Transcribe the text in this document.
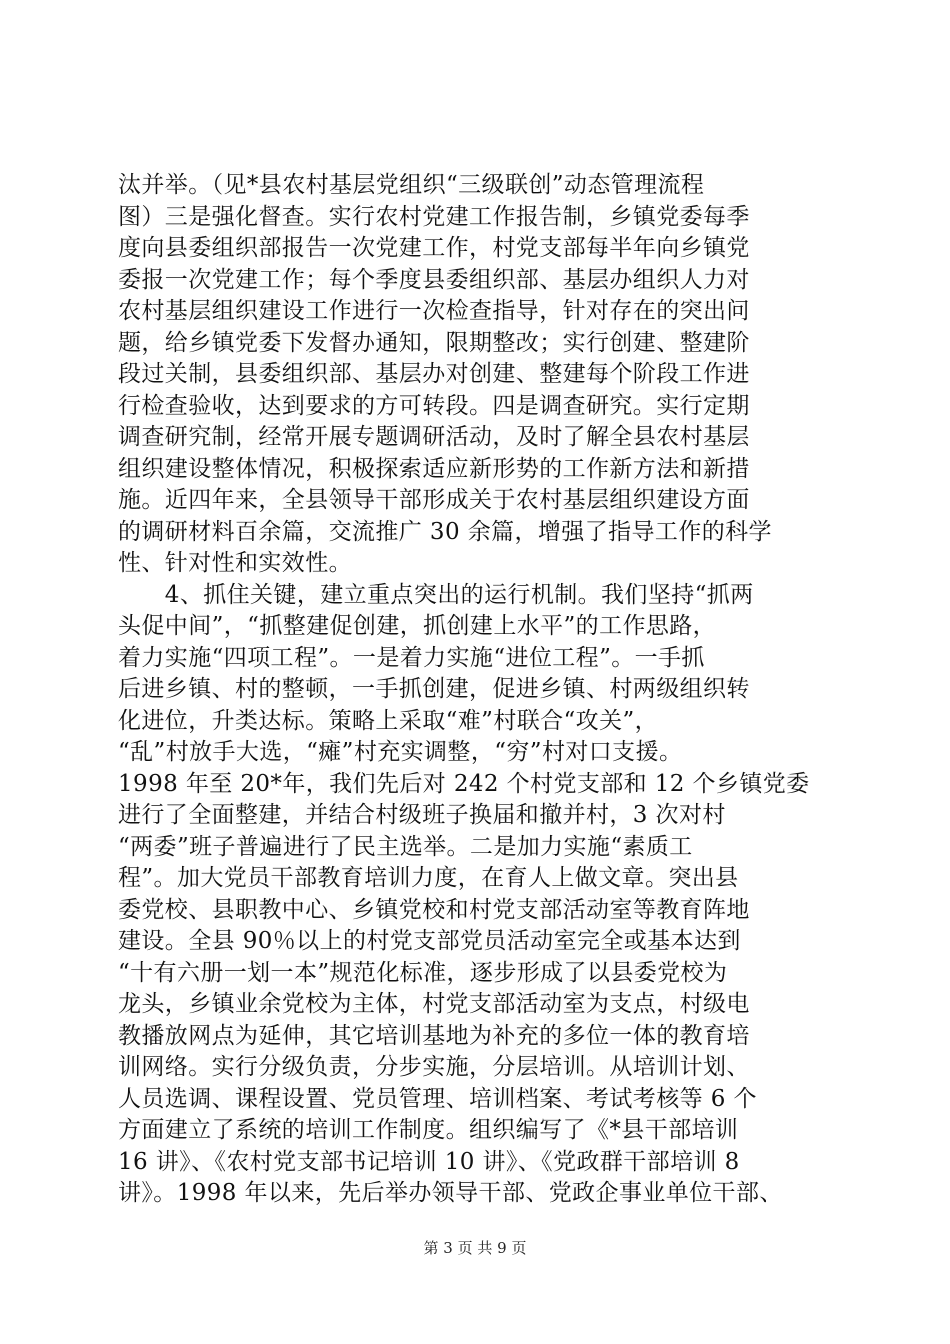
汰并举。（见*县农村基层党组织“三级联创”动态管理流程
图）三是强化督查。实行农村党建工作报告制，乡镇党委每季
度向县委组织部报告一次党建工作，村党支部每半年向乡镇党
委报一次党建工作；每个季度县委组织部、基层办组织人力对
农村基层组织建设工作进行一次检查指导，针对存在的突出问
题，给乡镇党委下发督办通知，限期整改；实行创建、整建阶
段过关制，县委组织部、基层办对创建、整建每个阶段工作进
行检查验收，达到要求的方可转段。四是调查研究。实行定期
调查研究制，经常开展专题调研活动，及时了解全县农村基层
组织建设整体情况，积极探索适应新形势的工作新方法和新措
施。近四年来，全县领导干部形成关于农村基层组织建设方面
的调研材料百余篇，交流推广 30 余篇，增强了指导工作的科学
性、针对性和实效性。
　　4、抓住关键，建立重点突出的运行机制。我们坚持“抓两
头促中间”，“抓整建促创建，抓创建上水平”的工作思路，
着力实施“四项工程”。一是着力实施“进位工程”。一手抓
后进乡镇、村的整顿，一手抓创建，促进乡镇、村两级组织转
化进位，升类达标。策略上采取“难”村联合“攻关”，
“乱”村放手大选，“瘫”村充实调整，“穷”村对口支援。
1998 年至 20*年，我们先后对 242 个村党支部和 12 个乡镇党委
进行了全面整建，并结合村级班子换届和撤并村，3 次对村
“两委”班子普遍进行了民主选举。二是加力实施“素质工
程”。加大党员干部教育培训力度，在育人上做文章。突出县
委党校、县职教中心、乡镇党校和村党支部活动室等教育阵地
建设。全县 90％以上的村党支部党员活动室完全或基本达到
“十有六册一划一本”规范化标准，逐步形成了以县委党校为
龙头，乡镇业余党校为主体，村党支部活动室为支点，村级电
教播放网点为延伸，其它培训基地为补充的多位一体的教育培
训网络。实行分级负责，分步实施，分层培训。从培训计划、
人员选调、课程设置、党员管理、培训档案、考试考核等 6 个
方面建立了系统的培训工作制度。组织编写了《*县干部培训
16 讲》、《农村党支部书记培训 10 讲》、《党政群干部培训 8
讲》。1998 年以来，先后举办领导干部、党政企事业单位干部、
第 3 页 共 9 页
